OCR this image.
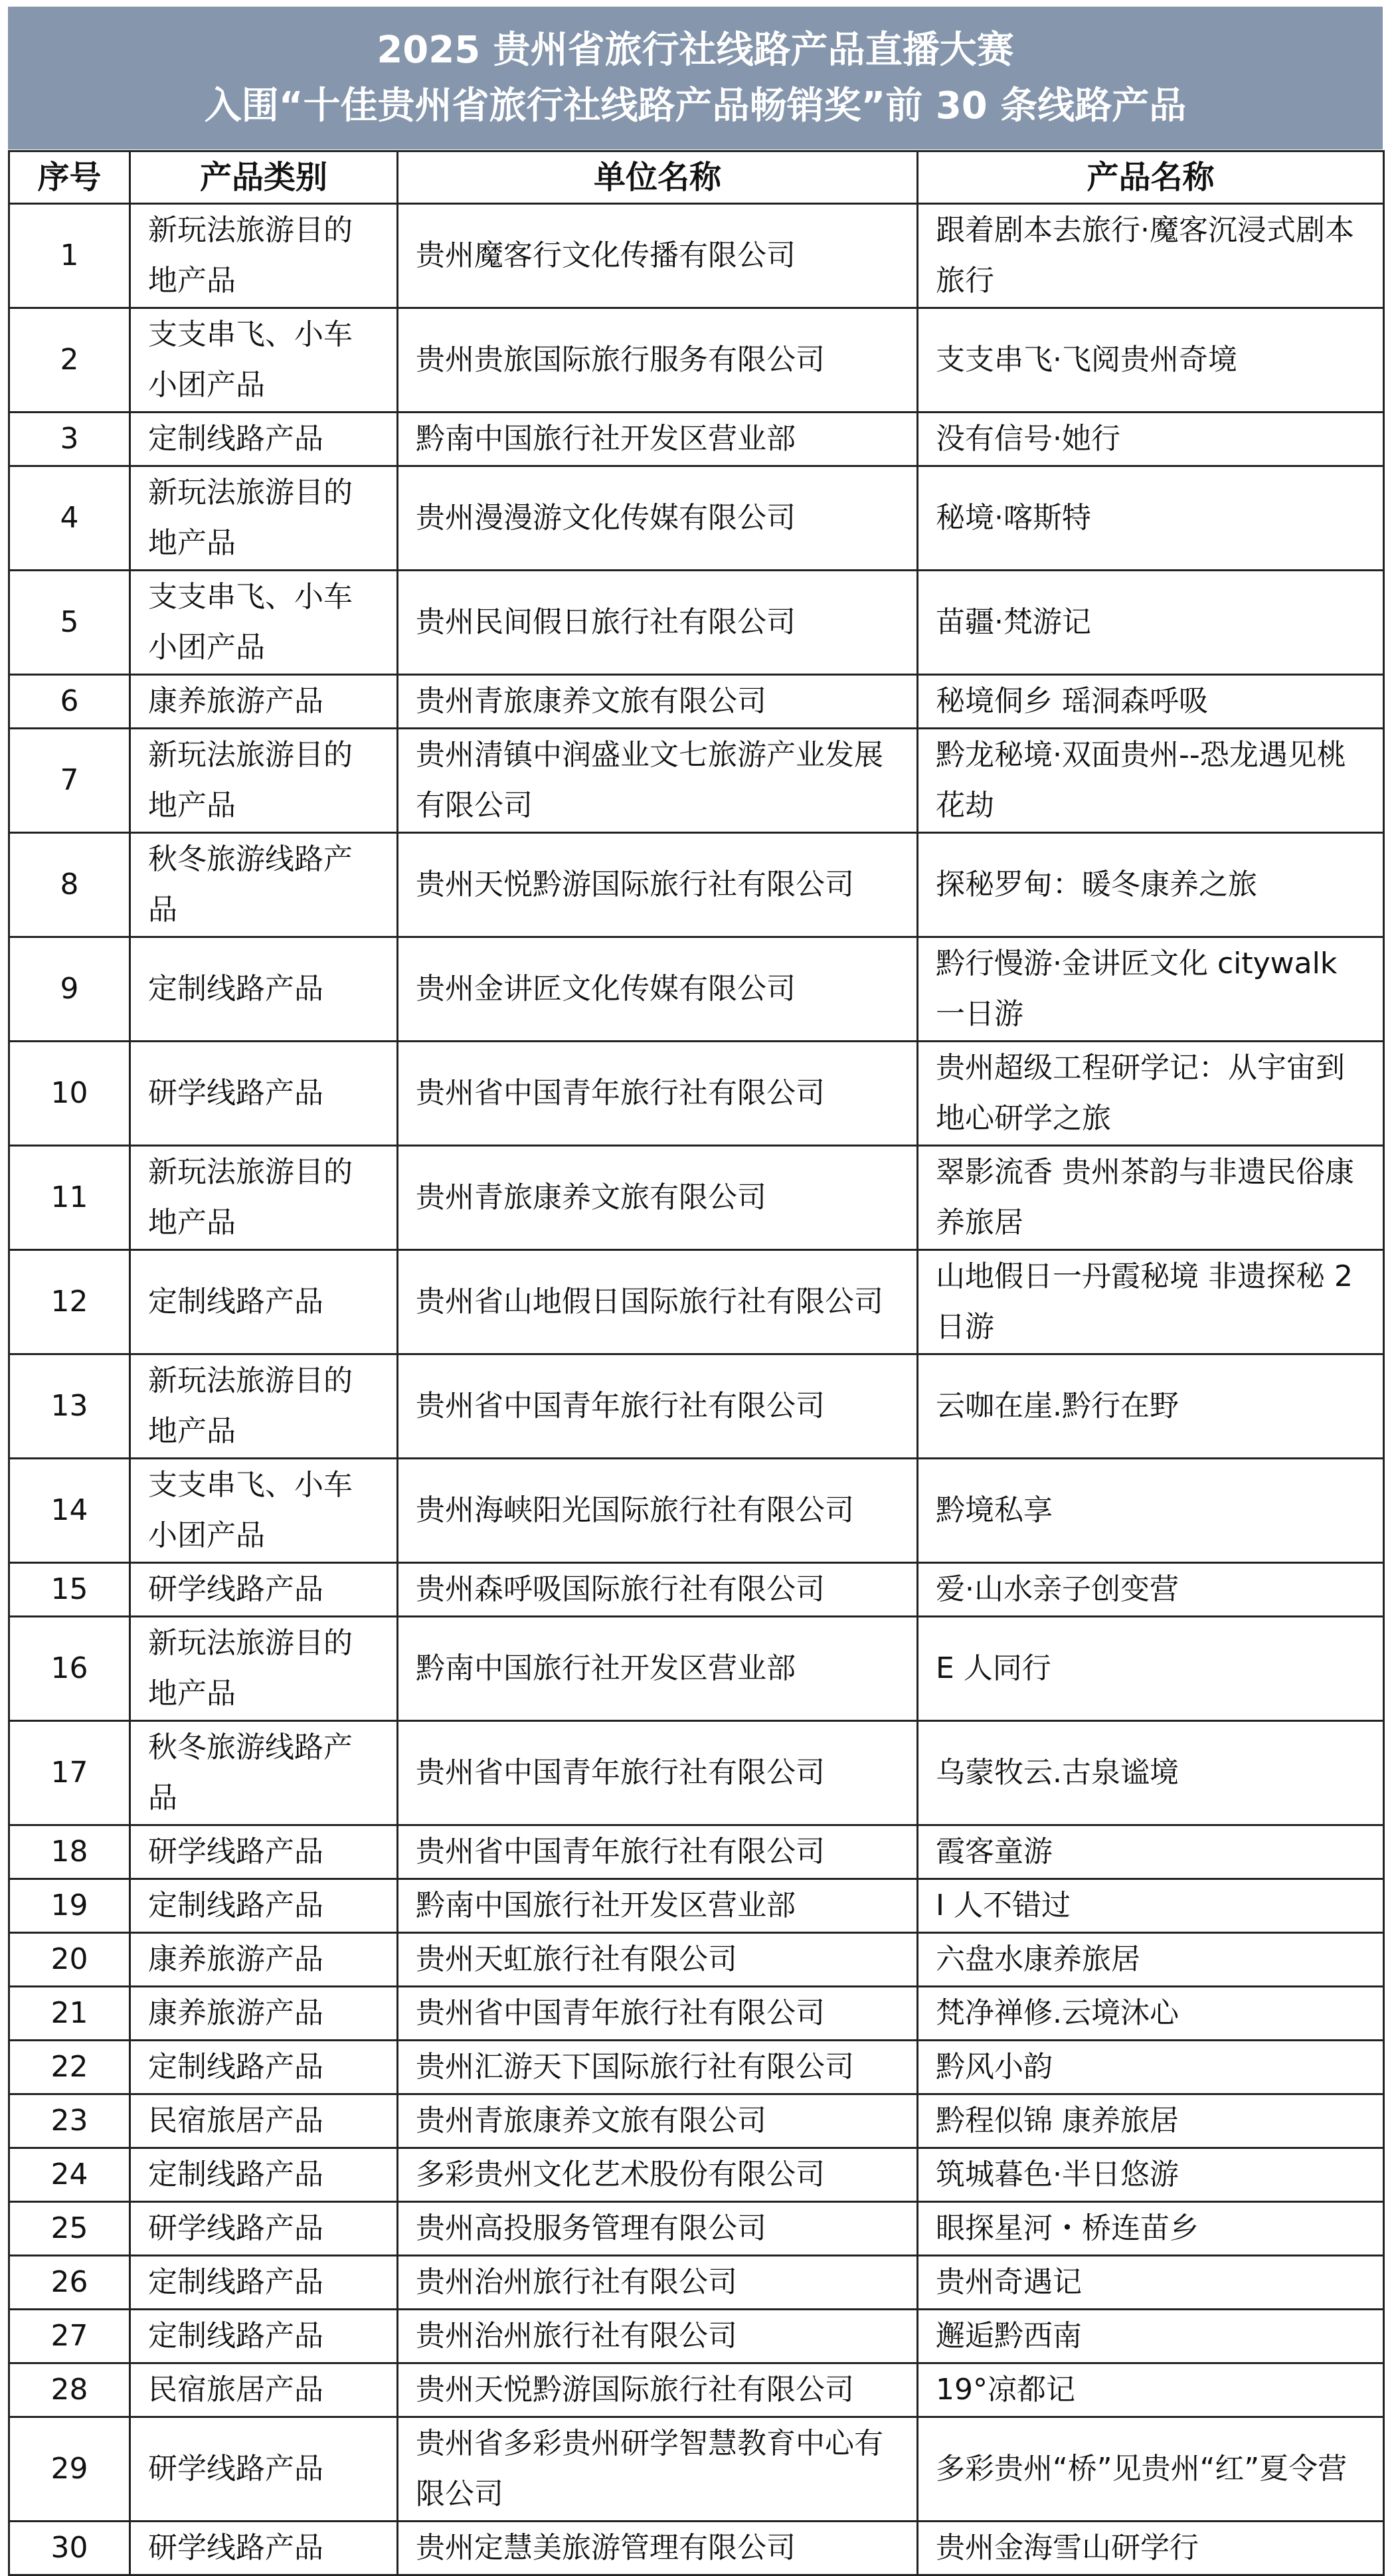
2025 贵州省旅行社线路产品直播大赛
入围“十佳贵州省旅行社线路产品畅销奖”前 30 条线路产品
序号	产品类别	单位名称	产品名称
1	新玩法旅游目的地产品	贵州魔客行文化传播有限公司	跟着剧本去旅行·魔客沉浸式剧本旅行
2	支支串飞、小车小团产品	贵州贵旅国际旅行服务有限公司	支支串飞·飞阅贵州奇境
3	定制线路产品	黔南中国旅行社开发区营业部	没有信号·她行
4	新玩法旅游目的地产品	贵州漫漫游文化传媒有限公司	秘境·喀斯特
5	支支串飞、小车小团产品	贵州民间假日旅行社有限公司	苗疆·梵游记
6	康养旅游产品	贵州青旅康养文旅有限公司	秘境侗乡 瑶洞森呼吸
7	新玩法旅游目的地产品	贵州清镇中润盛业文七旅游产业发展有限公司	黔龙秘境·双面贵州--恐龙遇见桃花劫
8	秋冬旅游线路产品	贵州天悦黔游国际旅行社有限公司	探秘罗甸：暖冬康养之旅
9	定制线路产品	贵州金讲匠文化传媒有限公司	黔行慢游·金讲匠文化 citywalk 一日游
10	研学线路产品	贵州省中国青年旅行社有限公司	贵州超级工程研学记：从宇宙到地心研学之旅
11	新玩法旅游目的地产品	贵州青旅康养文旅有限公司	翠影流香 贵州茶韵与非遗民俗康养旅居
12	定制线路产品	贵州省山地假日国际旅行社有限公司	山地假日一丹霞秘境 非遗探秘 2 日游
13	新玩法旅游目的地产品	贵州省中国青年旅行社有限公司	云咖在崖.黔行在野
14	支支串飞、小车小团产品	贵州海峡阳光国际旅行社有限公司	黔境私享
15	研学线路产品	贵州森呼吸国际旅行社有限公司	爱·山水亲子创变营
16	新玩法旅游目的地产品	黔南中国旅行社开发区营业部	E 人同行
17	秋冬旅游线路产品	贵州省中国青年旅行社有限公司	乌蒙牧云.古泉谧境
18	研学线路产品	贵州省中国青年旅行社有限公司	霞客童游
19	定制线路产品	黔南中国旅行社开发区营业部	I 人不错过
20	康养旅游产品	贵州天虹旅行社有限公司	六盘水康养旅居
21	康养旅游产品	贵州省中国青年旅行社有限公司	梵净禅修.云境沐心
22	定制线路产品	贵州汇游天下国际旅行社有限公司	黔风小韵
23	民宿旅居产品	贵州青旅康养文旅有限公司	黔程似锦 康养旅居
24	定制线路产品	多彩贵州文化艺术股份有限公司	筑城暮色·半日悠游
25	研学线路产品	贵州高投服务管理有限公司	眼探星河・桥连苗乡
26	定制线路产品	贵州治州旅行社有限公司	贵州奇遇记
27	定制线路产品	贵州治州旅行社有限公司	邂逅黔西南
28	民宿旅居产品	贵州天悦黔游国际旅行社有限公司	19°凉都记
29	研学线路产品	贵州省多彩贵州研学智慧教育中心有限公司	多彩贵州“桥”见贵州“红”夏令营
30	研学线路产品	贵州定慧美旅游管理有限公司	贵州金海雪山研学行
